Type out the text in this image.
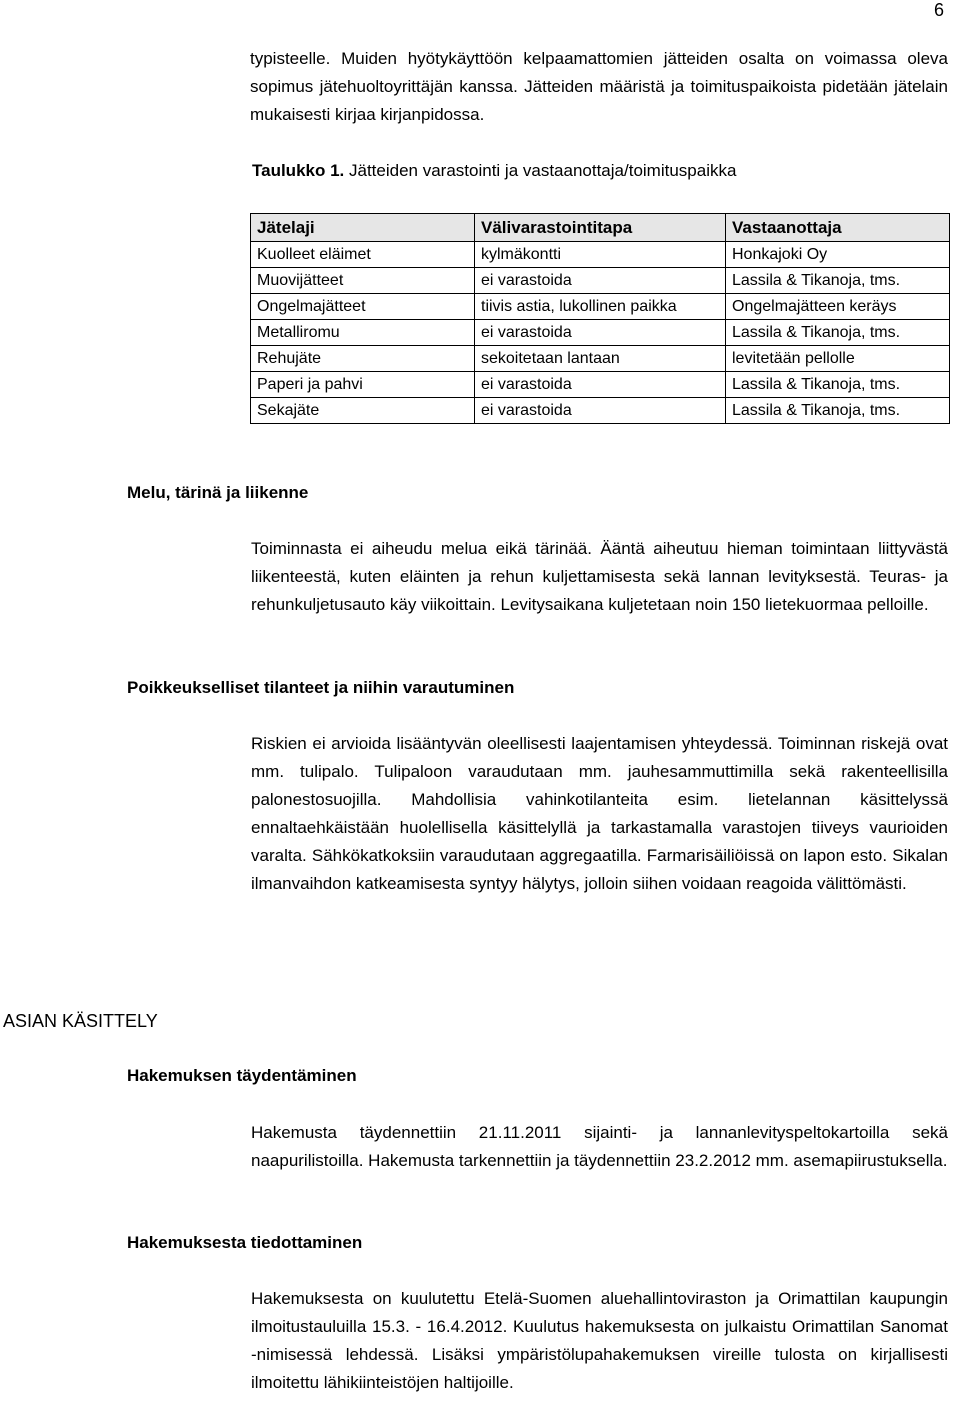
6

typisteelle. Muiden hyötykäyttöön kelpaamattomien jätteiden osalta on voimassa oleva sopimus jätehuoltoyrittäjän kanssa. Jätteiden määristä ja toimituspaikoista pidetään jätelain mukaisesti kirjaa kirjanpidossa.

Taulukko 1. Jätteiden varastointi ja vastaanottaja/toimituspaikka
Jätelaji	Välivarastointitapa	Vastaanottaja
Kuolleet eläimet	kylmäkontti	Honkajoki Oy
Muovijätteet	ei varastoida	Lassila & Tikanoja, tms.
Ongelmajätteet	tiivis astia, lukollinen paikka	Ongelmajätteen keräys
Metalliromu	ei varastoida	Lassila & Tikanoja, tms.
Rehujäte	sekoitetaan lantaan	levitetään pellolle
Paperi ja pahvi	ei varastoida	Lassila & Tikanoja, tms.
Sekajäte	ei varastoida	Lassila & Tikanoja, tms.
Melu, tärinä ja liikenne

Toiminnasta ei aiheudu melua eikä tärinää. Ääntä aiheutuu hieman toimintaan liittyvästä liikenteestä, kuten eläinten ja rehun kuljettamisesta sekä lannan levityksestä. Teuras- ja rehunkuljetusauto käy viikoittain. Levitysaikana kuljetetaan noin 150 lietekuormaa pelloille.

Poikkeukselliset tilanteet ja niihin varautuminen

Riskien ei arvioida lisääntyvän oleellisesti laajentamisen yhteydessä. Toiminnan riskejä ovat mm. tulipalo. Tulipaloon varaudutaan mm. jauhesammuttimilla sekä rakenteellisilla palonestosuojilla. Mahdollisia vahinkotilanteita esim. lietelannan käsittelyssä ennaltaehkäistään huolellisella käsittelyllä ja tarkastamalla varastojen tiiveys vaurioiden varalta. Sähkökatkoksiin varaudutaan aggregaatilla. Farmarisäiliöissä on lapon esto. Sikalan ilmanvaihdon katkeamisesta syntyy hälytys, jolloin siihen voidaan reagoida välittömästi.

ASIAN KÄSITTELY
Hakemuksen täydentäminen

Hakemusta täydennettiin 21.11.2011 sijainti- ja lannanlevityspeltokartoilla sekä naapurilistoilla. Hakemusta tarkennettiin ja täydennettiin 23.2.2012 mm. asemapiirustuksella.

Hakemuksesta tiedottaminen

Hakemuksesta on kuulutettu Etelä-Suomen aluehallintoviraston ja Orimattilan kaupungin ilmoitustauluilla 15.3. - 16.4.2012. Kuulutus hakemuksesta on julkaistu Orimattilan Sanomat -nimisessä lehdessä. Lisäksi ympäristölupahakemuksen vireille tulosta on kirjallisesti ilmoitettu lähikiinteistöjen haltijoille.
